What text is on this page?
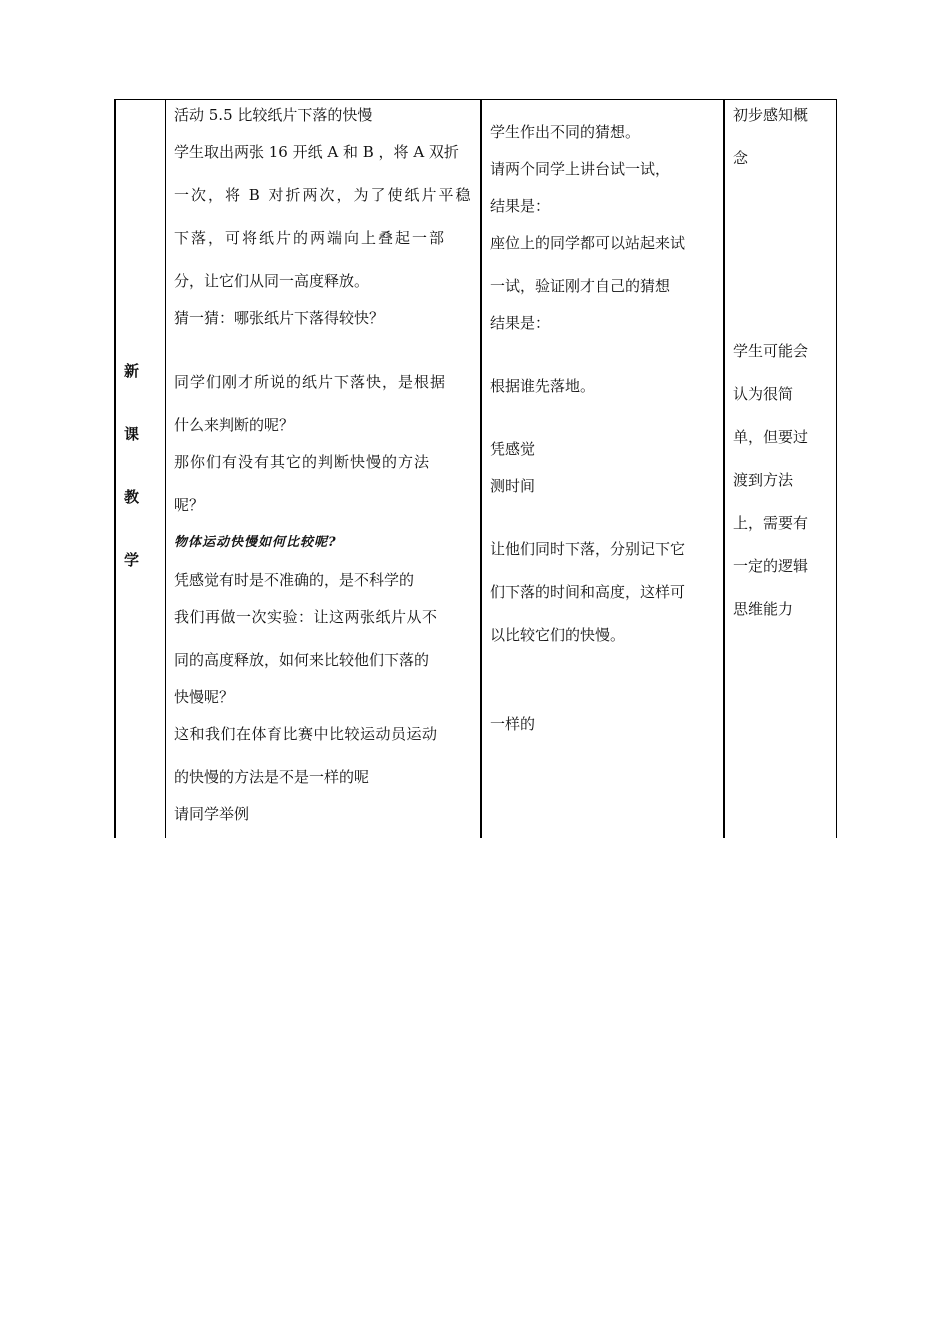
新
课
教
学
活动 5.5 比较纸片下落的快慢
学生取出两张 16 开纸 A 和 B ，将 A 双折
一次，将 B 对折两次，为了使纸片平稳
下落，可将纸片的两端向上叠起一部
分，让它们从同一高度释放。
猜一猜：哪张纸片下落得较快？
同学们刚才所说的纸片下落快，是根据
什么来判断的呢？
那你们有没有其它的判断快慢的方法
呢？
物体运动快慢如何比较呢?
凭感觉有时是不准确的，是不科学的
我们再做一次实验：让这两张纸片从不
同的高度释放，如何来比较他们下落的
快慢呢？
这和我们在体育比赛中比较运动员运动
的快慢的方法是不是一样的呢
请同学举例
学生作出不同的猜想。
请两个同学上讲台试一试，
结果是：
座位上的同学都可以站起来试
一试，验证刚才自己的猜想
结果是：
根据谁先落地。
凭感觉
测时间
让他们同时下落，分别记下它
们下落的时间和高度，这样可
以比较它们的快慢。
一样的
初步感知概
念
学生可能会
认为很简
单，但要过
渡到方法
上，需要有
一定的逻辑
思维能力
